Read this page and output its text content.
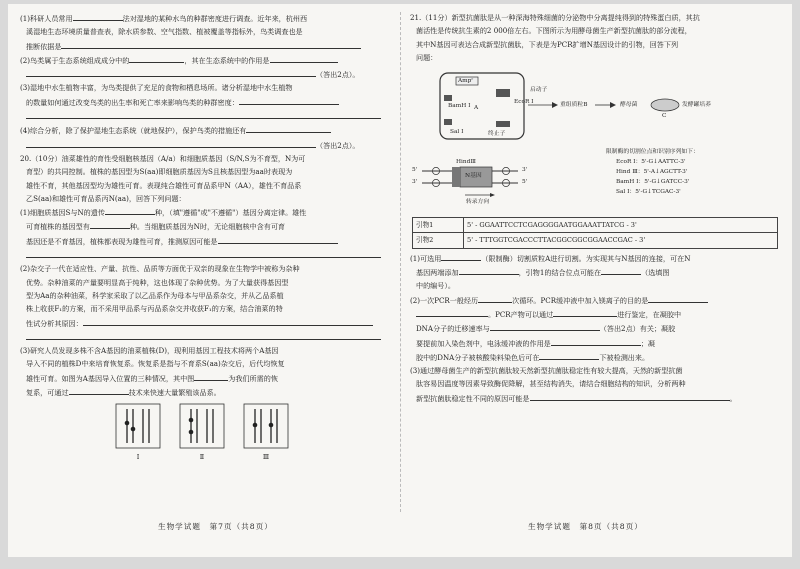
(1)科研人员常用	法对湿地的某种水鸟的种群密度进行调查。近年来，杭州西

溪湿地生态环境质量普查表，除水质参数、空气指数、植被覆盖等指标外，鸟类调查也是

推断依据是

(2)鸟类属于生态系统组成成分中的	，其在生态系统中的作用是

（答出2点）。

(3)湿地中水生植物丰富，为鸟类提供了充足的食物和栖息场所。诸分析湿地中水生植物

的数量如何通过改变鸟类的出生率和死亡率来影响鸟类的种群密度：

(4)综合分析，除了保护湿地生态系统（就地保护），保护鸟类的措施还有

（答出2点）。

20.（10分）油菜雄性的育性受细胞核基因（A/a）和细胞质基因（S/N,S为不育型，N为可

育型）的共同控制。植株的基因型为S(aa)即细胞质基因为S且核基因型为aa时表现为

雄性不育，其他基因型均为雄性可育。表现纯合雄性可育品系甲N（AA），雄性不育品系

乙S(aa)和雄性可育品系丙N(aa)，回答下列问题：

(1)细胞质基因S与N的遗传	种，（填"遵循"或"不遵循"）基因分离定律。雄性

可育植株的基因型有	种。当细胞质基因为N时，无论细胞核中含有可育

基因还是不育基因，植株都表现为雄性可育，推测原因可能是

(2)杂交子一代在适应性、产量、抗性、品质等方面优于双亲的现象在生物学中被称为杂种

优势。杂种油菜的产量要明显高于纯种，这也体现了杂种优势。为了大量获得基因型

型为Aa的杂种油菜，科学家采取了以乙品系作为母本与甲品系杂交，并从乙品系植

株上收获F₁的方案，而不采用甲品系与丙品系杂交并收获F₁的方案，结合油菜的特

性试分析其原因：

(3)研究人员发现多株不含A基因的油菜植株(D)，现利用基因工程技术将两个A基因

导入不同的植株D中来培育恢复系。恢复系是指与不育系S(aa)杂交后，后代均恢复

雄性可育。如图为A基因导入位置的三种情况，其中图	为我们所需的恢

复系，可通过	技术来快速大量繁殖该品系。

Ⅰ	Ⅱ	Ⅲ

21.（11分）新型抗菌肽是从一种深海特殊细菌的分泌物中分离提纯得到的特殊蛋白质，其抗

菌活性是传统抗生素的2 000倍左右。下图所示为用酵母菌生产新型抗菌肽的部分流程，

其中N基因可表达合成新型抗菌肽，下表是为PCR扩增N基因设计的引物，回答下列

问题：

Ampʳ
启动子
EcoR Ⅰ
BamH Ⅰ A
Sal Ⅰ	终止子
重组质粒B	酵母菌
C
发酵罐培养
HindⅢ
N基因
5'	3'
3'	5'
转录方向
限制酶的切割位点和识别序列如下：
EcoR Ⅰ：5'-G↓AATTC-3'
Hind Ⅲ：5'-A↓AGCTT-3'
BamH Ⅰ：5'-G↓GATCC-3'
Sal Ⅰ：5'-G↓TCGAC-3'
引物1	5' - GGAATTCCTCGAGGGGAATGGAAATTATCG - 3'
引物2	5' - TTTGGTCGACCCTTACGGCGGCGGAACCGAC - 3'

(1)可选用	（限制酶）切割质粒A进行切割。为实现其与N基因的连接，可在N

基因两端添加	，引物1的结合位点可能在	（选填图

中的编号）。

(2)一次PCR一般经历	次循环。PCR缓冲液中加入镁离子的目的是

。PCR产物可以通过	进行鉴定，在凝胶中

DNA分子的迁移速率与	（答出2点）有关；凝胶

要提前加入染色剂中，电泳缓冲液的作用是	；凝

胶中的DNA分子被核酸染料染色后可在	下被检测出来。

(3)通过酵母菌生产的新型抗菌肽较天然新型抗菌肽稳定性有较大提高，天然的新型抗菌

肽容易因温度等因素导致酶促降解，甚至结构消失，请结合细胞结构的知识，分析两种

新型抗菌肽稳定性不同的原因可能是	。

生物学试题　第7页（共8页）	生物学试题　第8页（共8页）
